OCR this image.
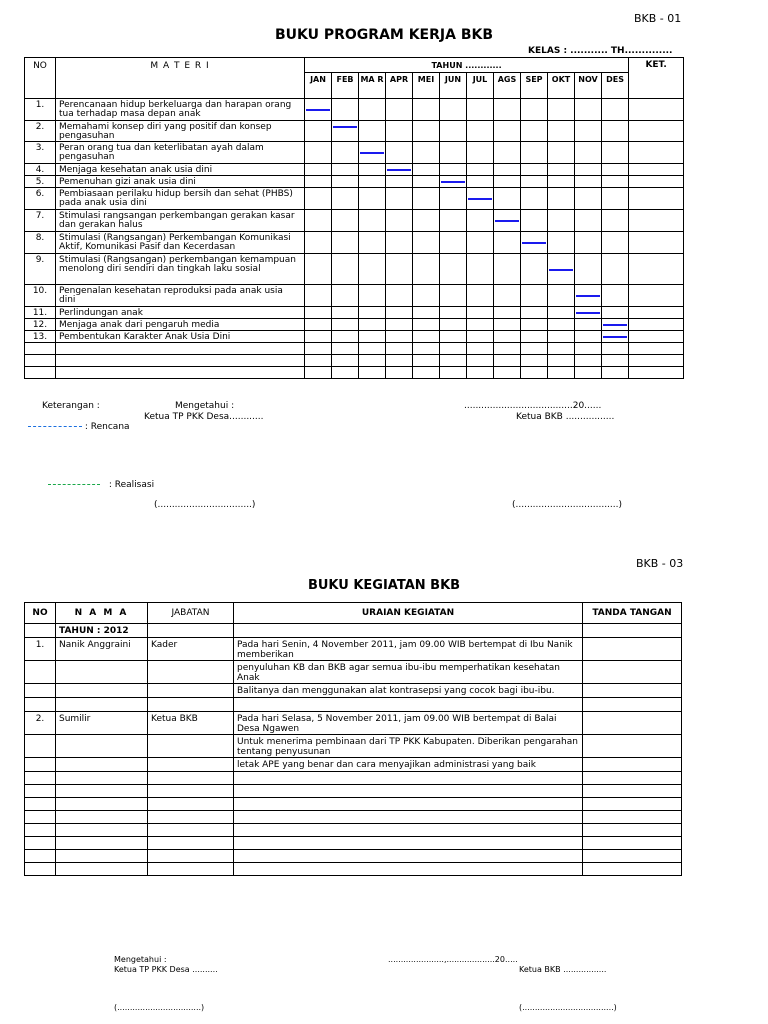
BKB - 01
BUKU PROGRAM KERJA BKB
KELAS : ........... TH..............
NO	M A T E R I	TAHUN ............												KET.
		JAN	FEB	MA R	APR	MEI	JUN	JUL	AGS	SEP	OKT	NOV	DES	
1.	Perencanaan hidup berkeluarga dan harapan orang tua terhadap masa depan anak	

2.	Memahami konsep diri yang positif dan konsep pengasuhan		

3.	Peran orang tua dan keterlibatan ayah dalam pengasuhan			

4.	Menjaga kesehatan anak usia dini				

5.	Pemenuhan gizi anak usia dini						

6.	Pembiasaan perilaku hidup bersih dan sehat (PHBS) pada anak usia dini							

7.	Stimulasi rangsangan perkembangan gerakan kasar dan gerakan halus								

8.	Stimulasi (Rangsangan) Perkembangan Komunikasi Aktif, Komunikasi Pasif dan Kecerdasan									

9.	Stimulasi (Rangsangan) perkembangan kemampuan menolong diri sendiri dan tingkah laku sosial										

10.	Pengenalan kesehatan reproduksi pada anak usia dini											

11.	Perlindungan anak											

12.	Menjaga anak dari pengaruh media												

13.	Pembentukan Karakter Anak Usia Dini												

Keterangan :	Mengetahui :	......................................20......
Ketua TP PKK Desa............	Ketua BKB .................
: Rencana
: Realisasi
(.................................)	(....................................)
BKB - 03
BUKU KEGIATAN BKB
NO	N A M A	JABATAN	URAIAN KEGIATAN	TANDA TANGAN
	TAHUN : 2012			
1.	Nanik Anggraini	Kader	Pada hari Senin, 4 November 2011, jam 09.00 WIB bertempat di Ibu Nanik memberikan	
			penyuluhan KB dan BKB agar semua ibu-ibu memperhatikan kesehatan Anak	
			Balitanya dan menggunakan alat kontrasepsi yang cocok bagi ibu-ibu.	

2.	Sumilir	Ketua BKB	Pada hari Selasa, 5 November 2011, jam 09.00 WIB bertempat di Balai Desa Ngawen	
			Untuk menerima pembinaan dari TP PKK Kabupaten. Diberikan pengarahan tentang penyusunan	
			letak APE yang benar dan cara menyajikan administrasi yang baik	

Mengetahui :	......................,...................20.....
Ketua TP PKK Desa ..........	Ketua BKB .................
(.................................)	(....................................)
